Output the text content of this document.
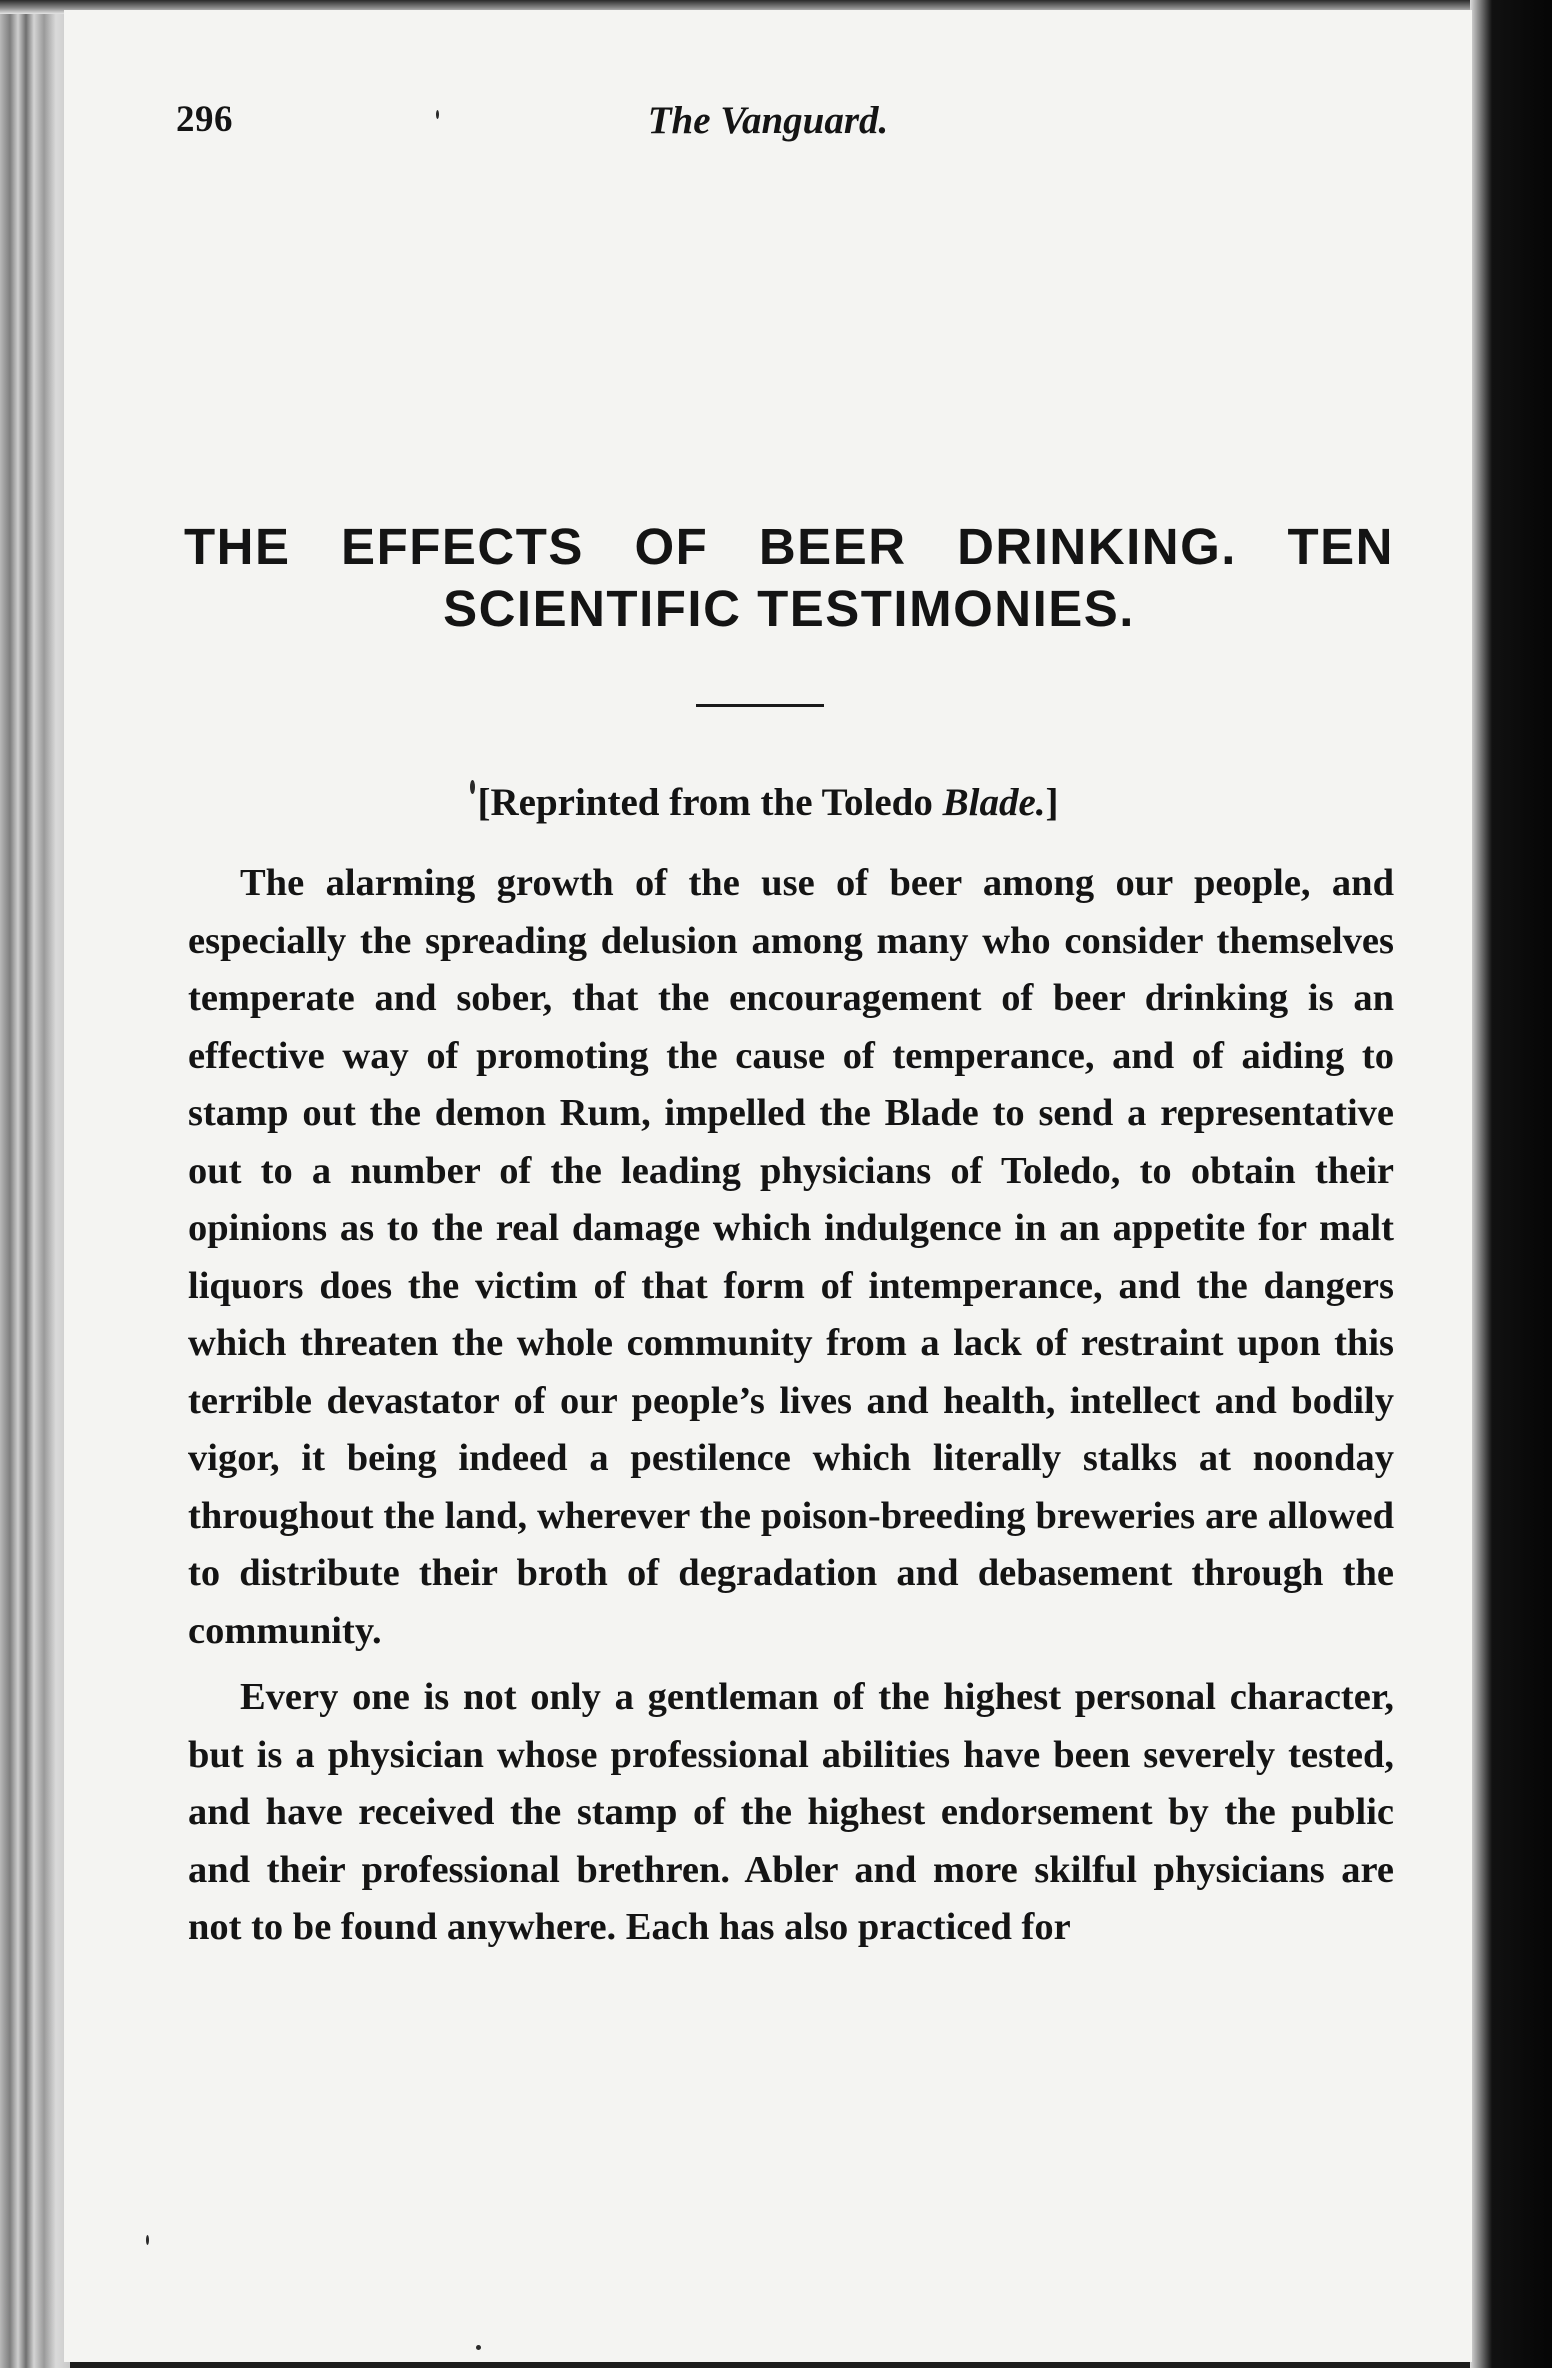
296	The Vanguard.
THE EFFECTS OF BEER DRINKING. TEN
SCIENTIFIC TESTIMONIES.
[Reprinted from the Toledo Blade.]

The alarming growth of the use of beer among our people, and especially the spreading delusion among many who consider themselves temperate and sober, that the encouragement of beer drinking is an effective way of promoting the cause of temperance, and of aiding to stamp out the demon Rum, impelled the Blade to send a representative out to a number of the leading physicians of Toledo, to obtain their opinions as to the real damage which indulgence in an appetite for malt liquors does the victim of that form of intemperance, and the dangers which threaten the whole community from a lack of restraint upon this terrible devastator of our people’s lives and health, intellect and bodily vigor, it being indeed a pestilence which literally stalks at noonday throughout the land, wherever the poison-breeding breweries are allowed to distribute their broth of degradation and debasement through the community.

Every one is not only a gentleman of the highest personal character, but is a physician whose professional abilities have been severely tested, and have received the stamp of the highest endorsement by the public and their professional brethren. Abler and more skilful physicians are not to be found anywhere. Each has also practiced for
